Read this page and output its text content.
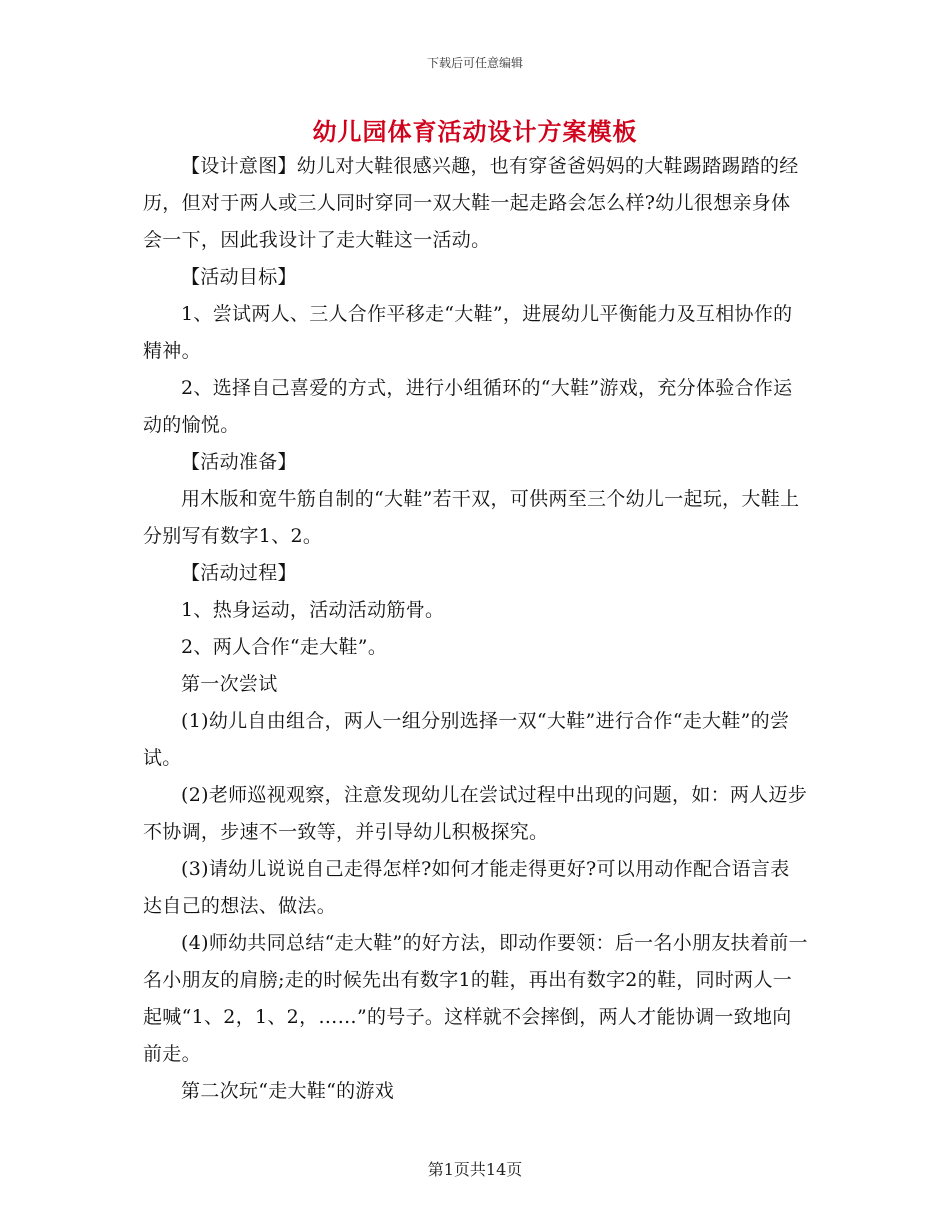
下载后可任意编辑
幼儿园体育活动设计方案模板

【设计意图】幼儿对大鞋很感兴趣，也有穿爸爸妈妈的大鞋踢踏踢踏的经历，但对于两人或三人同时穿同一双大鞋一起走路会怎么样?幼儿很想亲身体会一下，因此我设计了走大鞋这一活动。

【活动目标】

1、尝试两人、三人合作平移走“大鞋”，进展幼儿平衡能力及互相协作的精神。

2、选择自己喜爱的方式，进行小组循环的“大鞋”游戏，充分体验合作运动的愉悦。

【活动准备】

用木版和宽牛筋自制的“大鞋”若干双，可供两至三个幼儿一起玩，大鞋上分别写有数字1、2。

【活动过程】

1、热身运动，活动活动筋骨。

2、两人合作“走大鞋”。

第一次尝试

(1)幼儿自由组合，两人一组分别选择一双“大鞋”进行合作“走大鞋”的尝试。

(2)老师巡视观察，注意发现幼儿在尝试过程中出现的问题，如：两人迈步不协调，步速不一致等，并引导幼儿积极探究。

(3)请幼儿说说自己走得怎样?如何才能走得更好?可以用动作配合语言表达自己的想法、做法。

(4)师幼共同总结“走大鞋”的好方法，即动作要领：后一名小朋友扶着前一名小朋友的肩膀;走的时候先出有数字1的鞋，再出有数字2的鞋，同时两人一起喊“1、2，1、2，……”的号子。这样就不会摔倒，两人才能协调一致地向前走。

第二次玩“走大鞋“的游戏

第1页共14页
